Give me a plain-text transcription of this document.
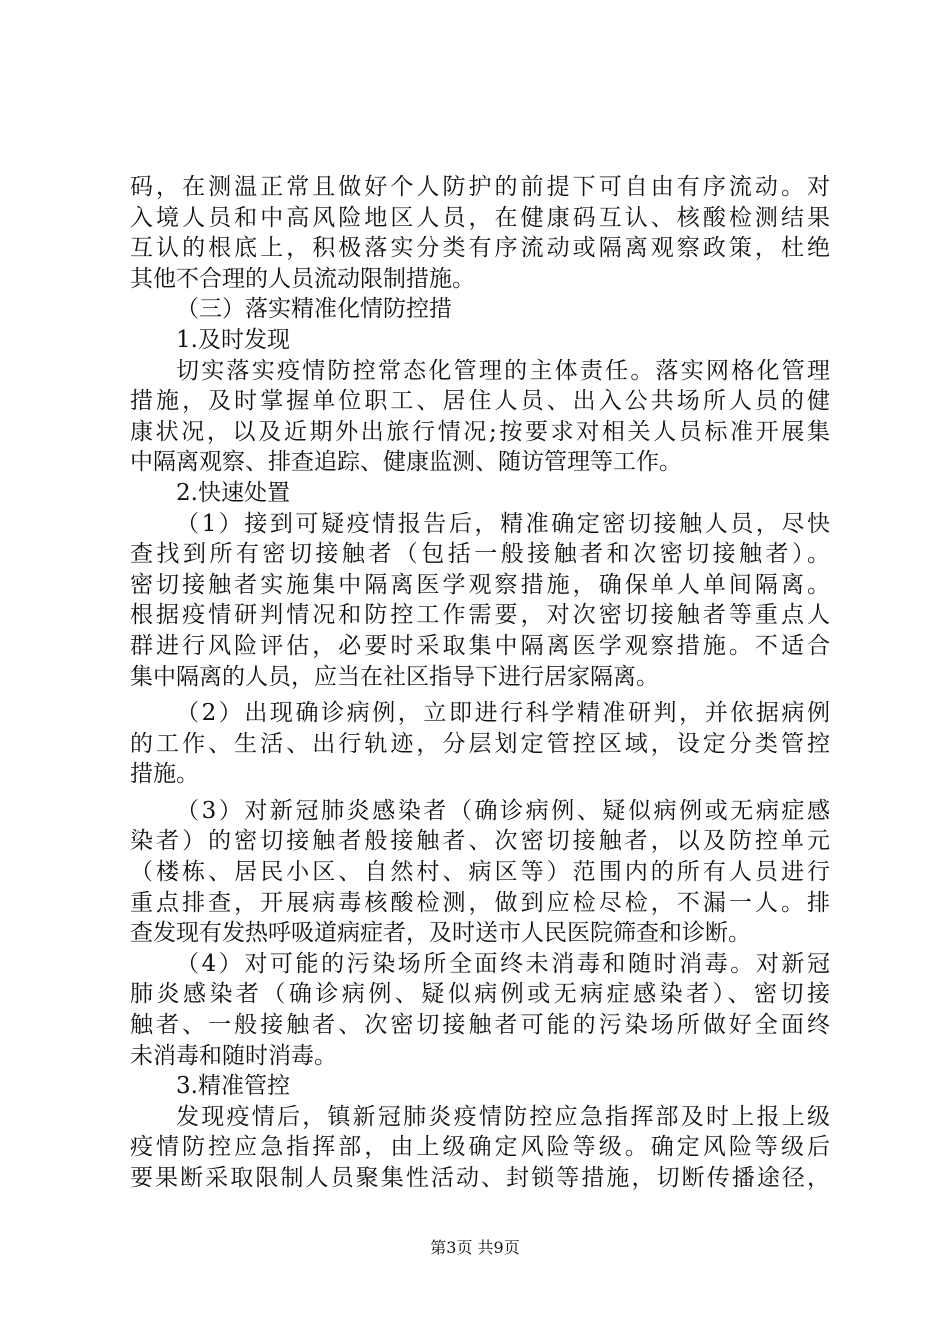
码，在测温正常且做好个人防护的前提下可自由有序流动。对
入境人员和中高风险地区人员，在健康码互认、核酸检测结果
互认的根底上，积极落实分类有序流动或隔离观察政策，杜绝
其他不合理的人员流动限制措施。
（三）落实精准化情防控措
1.及时发现
切实落实疫情防控常态化管理的主体责任。落实网格化管理
措施，及时掌握单位职工、居住人员、出入公共场所人员的健
康状况，以及近期外出旅行情况;按要求对相关人员标准开展集
中隔离观察、排查追踪、健康监测、随访管理等工作。
2.快速处置
（1）接到可疑疫情报告后，精准确定密切接触人员，尽快
查找到所有密切接触者（包括一般接触者和次密切接触者）。
密切接触者实施集中隔离医学观察措施，确保单人单间隔离。
根据疫情研判情况和防控工作需要，对次密切接触者等重点人
群进行风险评估，必要时采取集中隔离医学观察措施。不适合
集中隔离的人员，应当在社区指导下进行居家隔离。
（2）出现确诊病例，立即进行科学精准研判，并依据病例
的工作、生活、出行轨迹，分层划定管控区域，设定分类管控
措施。
（3）对新冠肺炎感染者（确诊病例、疑似病例或无病症感
染者）的密切接触者般接触者、次密切接触者，以及防控单元
（楼栋、居民小区、自然村、病区等）范围内的所有人员进行
重点排查，开展病毒核酸检测，做到应检尽检，不漏一人。排
查发现有发热呼吸道病症者，及时送市人民医院筛查和诊断。
（4）对可能的污染场所全面终未消毒和随时消毒。对新冠
肺炎感染者（确诊病例、疑似病例或无病症感染者）、密切接
触者、一般接触者、次密切接触者可能的污染场所做好全面终
未消毒和随时消毒。
3.精准管控
发现疫情后，镇新冠肺炎疫情防控应急指挥部及时上报上级
疫情防控应急指挥部，由上级确定风险等级。确定风险等级后
要果断采取限制人员聚集性活动、封锁等措施，切断传播途径，
第3页 共9页
